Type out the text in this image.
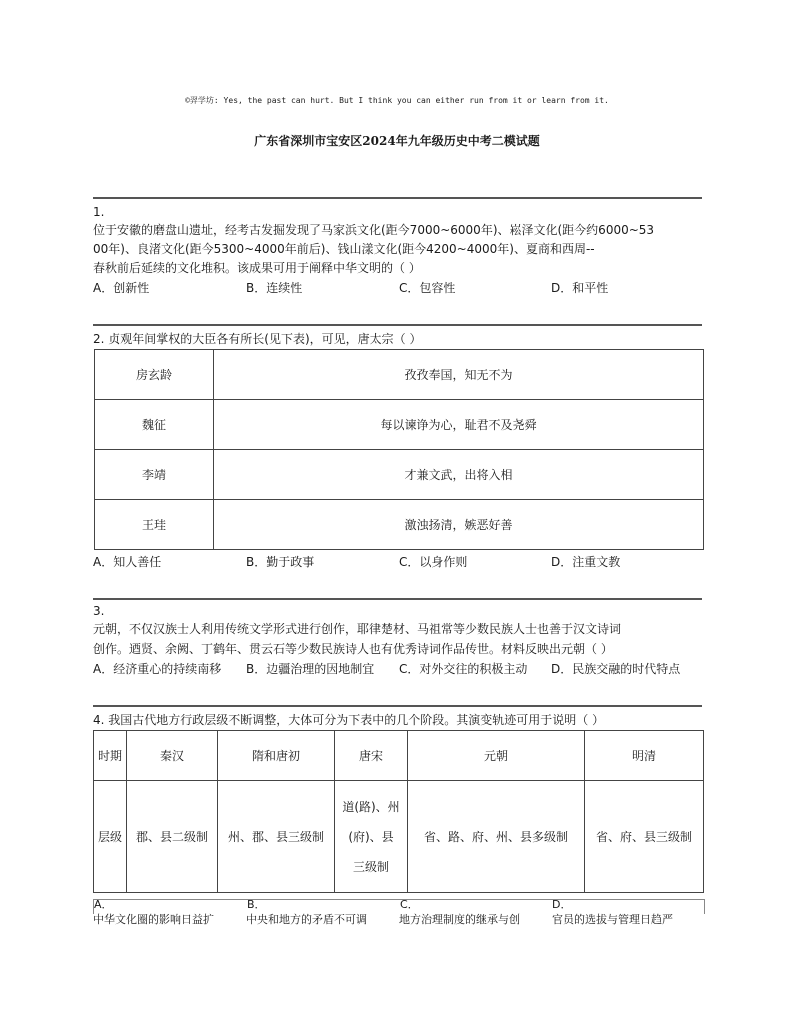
©羿学坊: Yes, the past can hurt. But I think you can either run from it or learn from it.
广东省深圳市宝安区2024年九年级历史中考二模试题
1.
位于安徽的磨盘山遗址，经考古发掘发现了马家浜文化(距今7000~6000年)、崧泽文化(距今约6000~53
00年)、良渚文化(距今5300~4000年前后)、钱山漾文化(距今4200~4000年)、夏商和西周--
春秋前后延续的文化堆积。该成果可用于阐释中华文明的（ ）
A．创新性	B．连续性	C．包容性	D．和平性
2. 贞观年间掌权的大臣各有所长(见下表)，可见，唐太宗（ ）
房玄龄	孜孜奉国，知无不为
魏征	每以谏诤为心，耻君不及尧舜
李靖	才兼文武，出将入相
王珪	激浊扬清，嫉恶好善
A．知人善任	B．勤于政事	C．以身作则	D．注重文教
3.
元朝，不仅汉族士人利用传统文学形式进行创作，耶律楚材、马祖常等少数民族人士也善于汉文诗词
创作。迺贤、余阙、丁鹤年、贯云石等少数民族诗人也有优秀诗词作品传世。材料反映出元朝（ ）
A．经济重心的持续南移 B．边疆治理的因地制宜 C．对外交往的积极主动 D．民族交融的时代特点
4. 我国古代地方行政层级不断调整，大体可分为下表中的几个阶段。其演变轨迹可用于说明（ ）
时期	秦汉	隋和唐初	唐宋	元朝	明清
层级	郡、县二级制	州、郡、县三级制	道(路)、州
(府)、县
三级制	省、路、府、州、县多级制	省、府、县三级制
A．	B．	C．	D．
中华文化圈的影响日益扩	中央和地方的矛盾不可调	地方治理制度的继承与创	官员的选拔与管理日趋严
